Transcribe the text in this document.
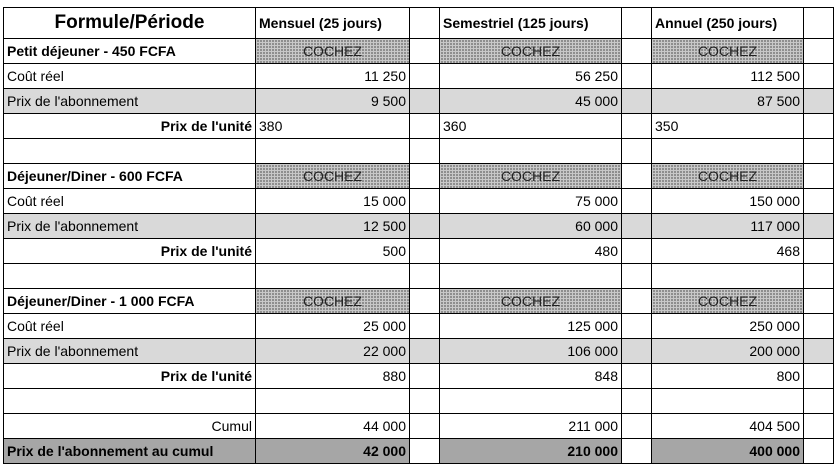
Formule/Période	Mensuel (25 jours)		Semestriel (125 jours)		Annuel (250 jours)	
Petit déjeuner - 450 FCFA	COCHEZ		COCHEZ		COCHEZ	
Coût réel	11 250		56 250		112 500	
Prix de l'abonnement	9 500		45 000		87 500	
Prix de l'unité	380		360		350	

Déjeuner/Diner - 600 FCFA	COCHEZ		COCHEZ		COCHEZ	
Coût réel	15 000		75 000		150 000	
Prix de l'abonnement	12 500		60 000		117 000	
Prix de l'unité	500		480		468	

Déjeuner/Diner - 1 000 FCFA	COCHEZ		COCHEZ		COCHEZ	
Coût réel	25 000		125 000		250 000	
Prix de l'abonnement	22 000		106 000		200 000	
Prix de l'unité	880		848		800	

Cumul	44 000		211 000		404 500	
Prix de l'abonnement au cumul	42 000		210 000		400 000	
